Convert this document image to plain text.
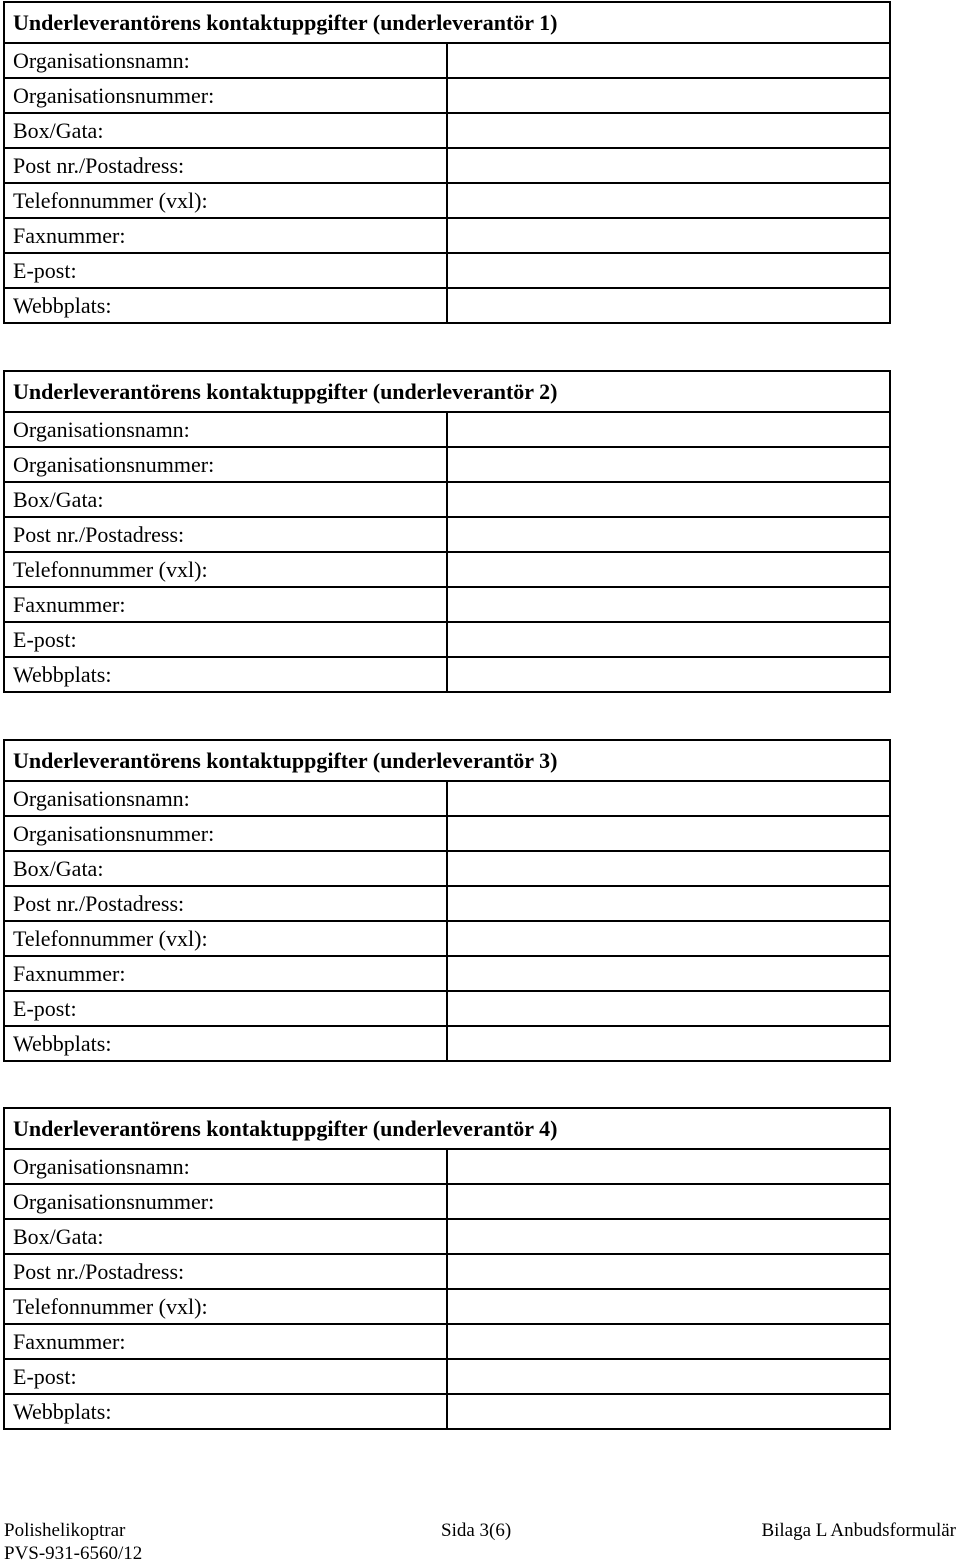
Underleverantörens kontaktuppgifter (underleverantör 1)	
Organisationsnamn:	
Organisationsnummer:	
Box/Gata:	
Post nr./Postadress:	
Telefonnummer (vxl):	
Faxnummer:	
E-post:	
Webbplats:	
Underleverantörens kontaktuppgifter (underleverantör 2)	
Organisationsnamn:	
Organisationsnummer:	
Box/Gata:	
Post nr./Postadress:	
Telefonnummer (vxl):	
Faxnummer:	
E-post:	
Webbplats:	
Underleverantörens kontaktuppgifter (underleverantör 3)	
Organisationsnamn:	
Organisationsnummer:	
Box/Gata:	
Post nr./Postadress:	
Telefonnummer (vxl):	
Faxnummer:	
E-post:	
Webbplats:	
Underleverantörens kontaktuppgifter (underleverantör 4)	
Organisationsnamn:	
Organisationsnummer:	
Box/Gata:	
Post nr./Postadress:	
Telefonnummer (vxl):	
Faxnummer:	
E-post:	
Webbplats:	
Polishelikoptrar
PVS-931-6560/12
Sida 3(6)	Bilaga L Anbudsformulär
